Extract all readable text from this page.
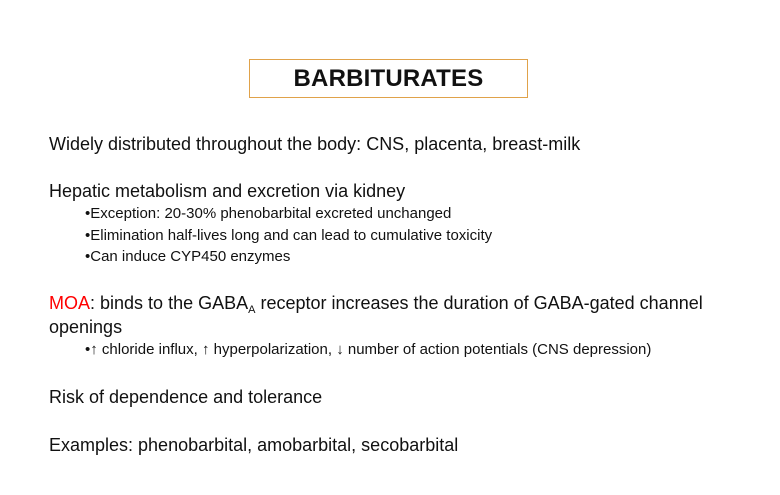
BARBITURATES
Widely distributed throughout the body: CNS, placenta, breast-milk
Hepatic metabolism and excretion via kidney
•Exception: 20-30% phenobarbital excreted unchanged
•Elimination half-lives long and can lead to cumulative toxicity
•Can induce CYP450 enzymes
MOA: binds to the $GABA_A$ receptor increases the duration of GABA-gated channel
openings
•↑ chloride influx, ↑ hyperpolarization, ↓ number of action potentials (CNS depression)
Risk of dependence and tolerance
Examples: phenobarbital, amobarbital, secobarbital
